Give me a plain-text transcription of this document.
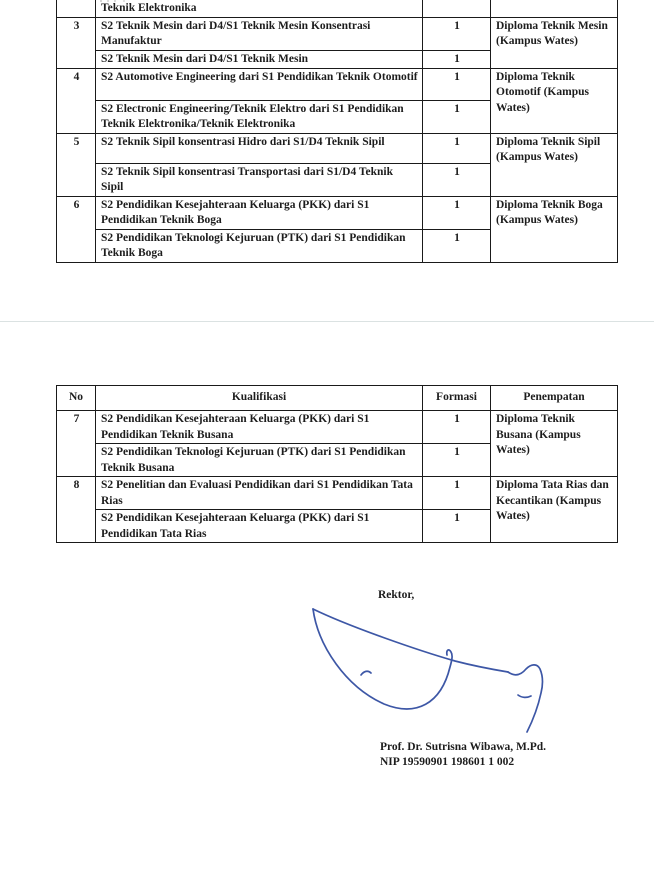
	Teknik Elektronika		
3	S2 Teknik Mesin dari D4/S1 Teknik Mesin Konsentrasi Manufaktur	1	Diploma Teknik Mesin (Kampus Wates)
	S2 Teknik Mesin dari D4/S1 Teknik Mesin	1	
4	S2 Automotive Engineering dari S1 Pendidikan Teknik Otomotif	1	Diploma Teknik Otomotif (Kampus Wates)
	S2 Electronic Engineering/Teknik Elektro dari S1 Pendidikan Teknik Elektronika/Teknik Elektronika	1	
5	S2 Teknik Sipil konsentrasi Hidro dari S1/D4 Teknik Sipil	1	Diploma Teknik Sipil (Kampus Wates)
	S2 Teknik Sipil konsentrasi Transportasi dari S1/D4 Teknik Sipil	1	
6	S2 Pendidikan Kesejahteraan Keluarga (PKK) dari S1 Pendidikan Teknik Boga	1	Diploma Teknik Boga (Kampus Wates)
	S2 Pendidikan Teknologi Kejuruan (PTK) dari S1 Pendidikan Teknik Boga	1	
No	Kualifikasi	Formasi	Penempatan
7	S2 Pendidikan Kesejahteraan Keluarga (PKK) dari S1 Pendidikan Teknik Busana	1	Diploma Teknik Busana (Kampus Wates)
	S2 Pendidikan Teknologi Kejuruan (PTK) dari S1 Pendidikan Teknik Busana	1	
8	S2 Penelitian dan Evaluasi Pendidikan dari S1 Pendidikan Tata Rias	1	Diploma Tata Rias dan Kecantikan (Kampus Wates)
	S2 Pendidikan Kesejahteraan Keluarga (PKK) dari S1 Pendidikan Tata Rias	1	
Rektor,
Prof. Dr. Sutrisna Wibawa, M.Pd.
NIP 19590901 198601 1 002
